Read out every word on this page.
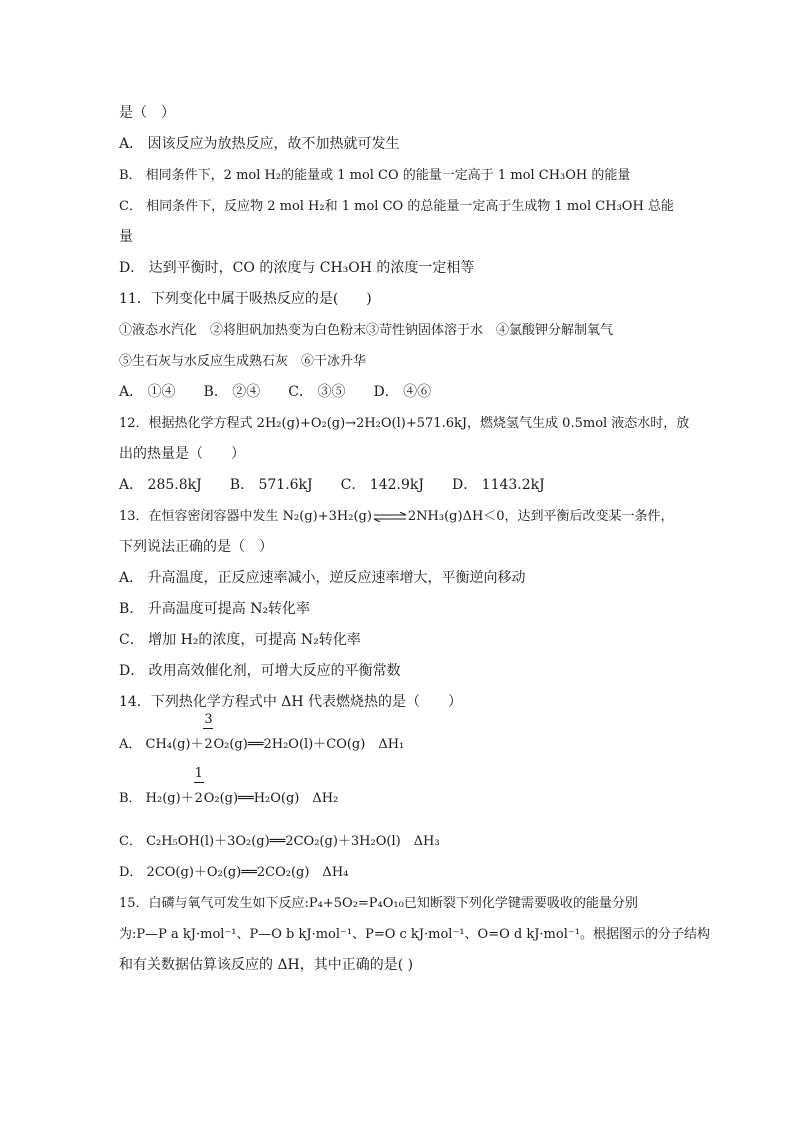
是（　）
A． 因该反应为放热反应，故不加热就可发生
B． 相同条件下，2 mol H₂的能量或 1 mol CO 的能量一定高于 1 mol CH₃OH 的能量
C． 相同条件下，反应物 2 mol H₂和 1 mol CO 的总能量一定高于生成物 1 mol CH₃OH 总能
量
D． 达到平衡时，CO 的浓度与 CH₃OH 的浓度一定相等
11．下列变化中属于吸热反应的是(　　)
①液态水汽化　②将胆矾加热变为白色粉末③苛性钠固体溶于水　④氯酸钾分解制氧气
⑤生石灰与水反应生成熟石灰　⑥干冰升华
A． ①④　　B． ②④　　C． ③⑤　　D． ④⑥
12．根据热化学方程式 2H₂(g)+O₂(g)→2H₂O(l)+571.6kJ，燃烧氢气生成 0.5mol 液态水时，放
出的热量是（　　）
A． 285.8kJ　　B． 571.6kJ　　C． 142.9kJ　　D． 1143.2kJ
13．在恒容密闭容器中发生 N₂(g)+3H₂(g)⇌2NH₃(g)ΔH＜0，达到平衡后改变某一条件，
下列说法正确的是（　）
A． 升高温度，正反应速率减小，逆反应速率增大，平衡逆向移动
B． 升高温度可提高 N₂转化率
C． 增加 H₂的浓度，可提高 N₂转化率
D． 改用高效催化剂，可增大反应的平衡常数
14．下列热化学方程式中 ΔH 代表燃烧热的是（　　）
A． $CH_4(g)+ \frac{3}{2}O_2(g)══2H_2O(l)+CO(g)$　ΔH₁
B． $H_2(g)+ \frac{1}{2}O_2(g)══H_2O(g)$　ΔH₂
C． C₂H₅OH(l)＋3O₂(g)══2CO₂(g)＋3H₂O(l)　ΔH₃
D． 2CO(g)＋O₂(g)══2CO₂(g)　ΔH₄
15．白磷与氧气可发生如下反应:P₄+5O₂=P₄O₁₀已知断裂下列化学键需要吸收的能量分别
为:P—P a kJ·mol⁻¹、P—O b kJ·mol⁻¹、P=O c kJ·mol⁻¹、O=O d kJ·mol⁻¹。根据图示的分子结构
和有关数据估算该反应的 ΔH，其中正确的是( )
